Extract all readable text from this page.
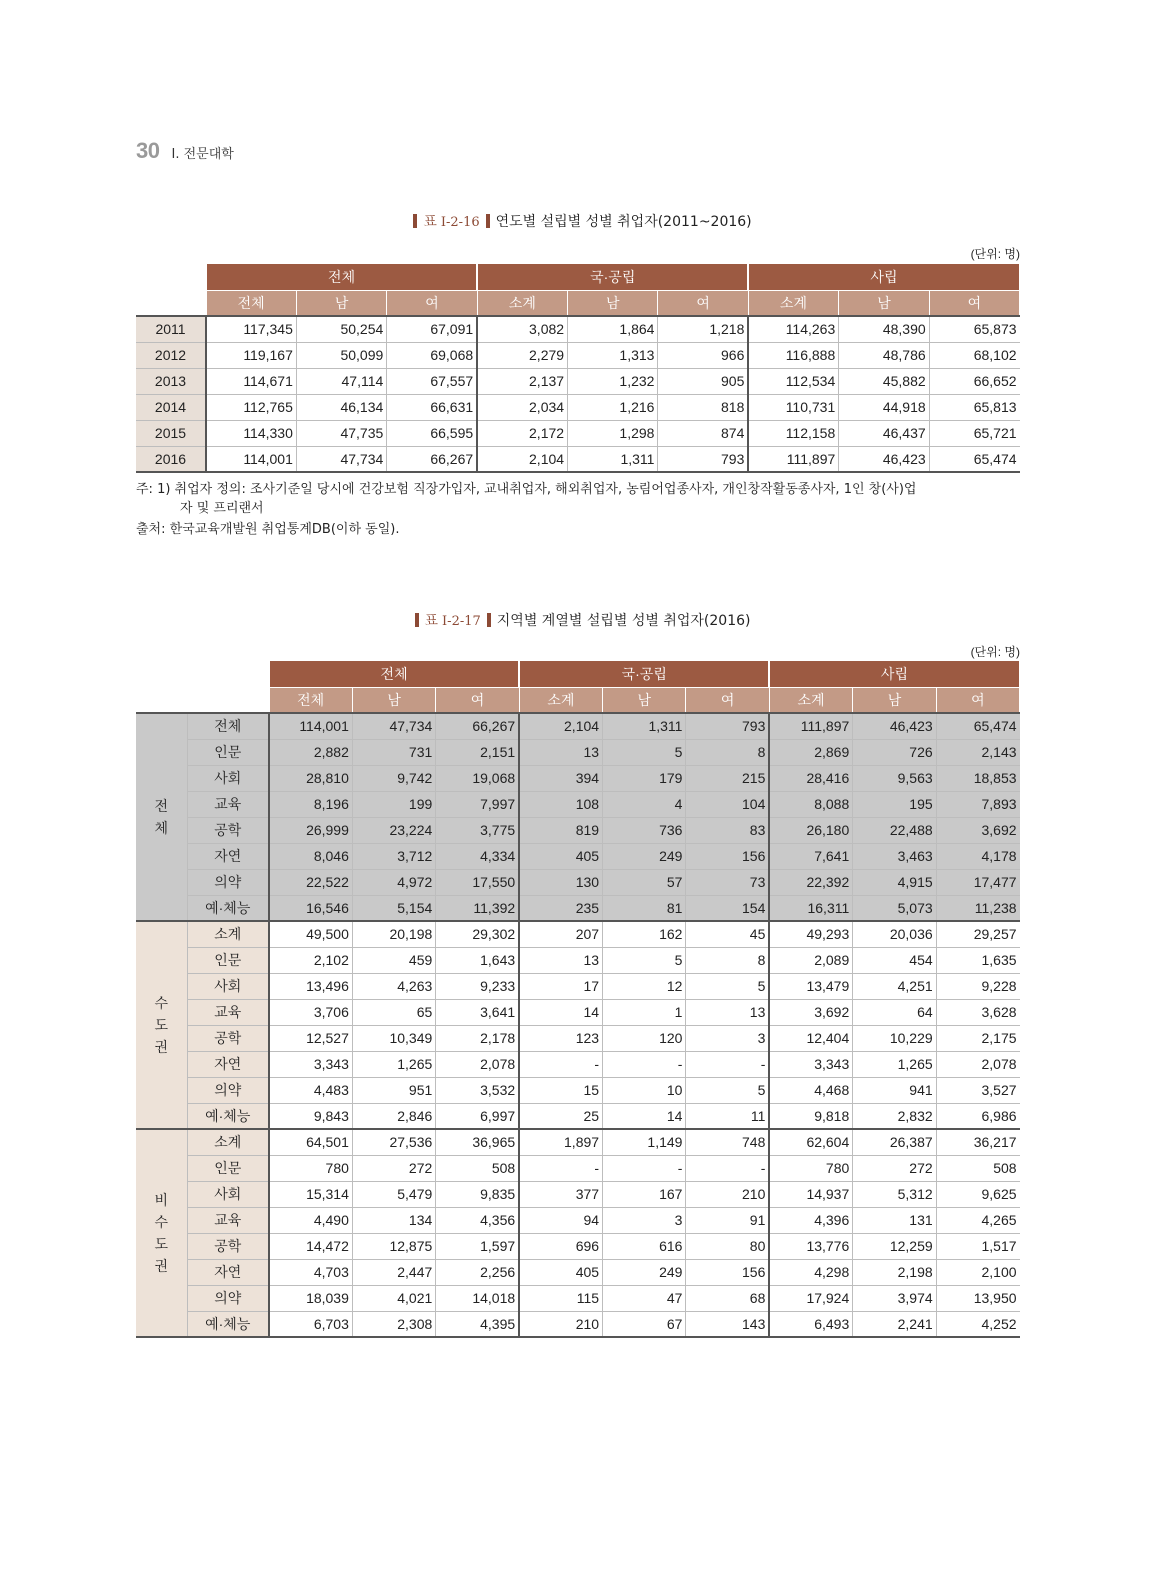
30 Ⅰ. 전문대학
표 Ⅰ-2-16 연도별 설립별 성별 취업자(2011~2016)
(단위: 명)
	전체			국·공립			사립		
	전체	남	여	소계	남	여	소계	남	여
2011	117,345	50,254	67,091	3,082	1,864	1,218	114,263	48,390	65,873
2012	119,167	50,099	69,068	2,279	1,313	966	116,888	48,786	68,102
2013	114,671	47,114	67,557	2,137	1,232	905	112,534	45,882	66,652
2014	112,765	46,134	66,631	2,034	1,216	818	110,731	44,918	65,813
2015	114,330	47,735	66,595	2,172	1,298	874	112,158	46,437	65,721
2016	114,001	47,734	66,267	2,104	1,311	793	111,897	46,423	65,474
주: 1) 취업자 정의: 조사기준일 당시에 건강보험 직장가입자, 교내취업자, 해외취업자, 농림어업종사자, 개인창작활동종사자, 1인 창(사)업
자 및 프리랜서
출처: 한국교육개발원 취업통계DB(이하 동일).
표 Ⅰ-2-17 지역별 계열별 설립별 성별 취업자(2016)
(단위: 명)
		전체			국·공립			사립		
		전체	남	여	소계	남	여	소계	남	여
전체	전체	114,001	47,734	66,267	2,104	1,311	793	111,897	46,423	65,474
	인문	2,882	731	2,151	13	5	8	2,869	726	2,143
	사회	28,810	9,742	19,068	394	179	215	28,416	9,563	18,853
	교육	8,196	199	7,997	108	4	104	8,088	195	7,893
	공학	26,999	23,224	3,775	819	736	83	26,180	22,488	3,692
	자연	8,046	3,712	4,334	405	249	156	7,641	3,463	4,178
	의약	22,522	4,972	17,550	130	57	73	22,392	4,915	17,477
	예·체능	16,546	5,154	11,392	235	81	154	16,311	5,073	11,238
수도권	소계	49,500	20,198	29,302	207	162	45	49,293	20,036	29,257
	인문	2,102	459	1,643	13	5	8	2,089	454	1,635
	사회	13,496	4,263	9,233	17	12	5	13,479	4,251	9,228
	교육	3,706	65	3,641	14	1	13	3,692	64	3,628
	공학	12,527	10,349	2,178	123	120	3	12,404	10,229	2,175
	자연	3,343	1,265	2,078	-	-	-	3,343	1,265	2,078
	의약	4,483	951	3,532	15	10	5	4,468	941	3,527
	예·체능	9,843	2,846	6,997	25	14	11	9,818	2,832	6,986
비수도권	소계	64,501	27,536	36,965	1,897	1,149	748	62,604	26,387	36,217
	인문	780	272	508	-	-	-	780	272	508
	사회	15,314	5,479	9,835	377	167	210	14,937	5,312	9,625
	교육	4,490	134	4,356	94	3	91	4,396	131	4,265
	공학	14,472	12,875	1,597	696	616	80	13,776	12,259	1,517
	자연	4,703	2,447	2,256	405	249	156	4,298	2,198	2,100
	의약	18,039	4,021	14,018	115	47	68	17,924	3,974	13,950
	예·체능	6,703	2,308	4,395	210	67	143	6,493	2,241	4,252
